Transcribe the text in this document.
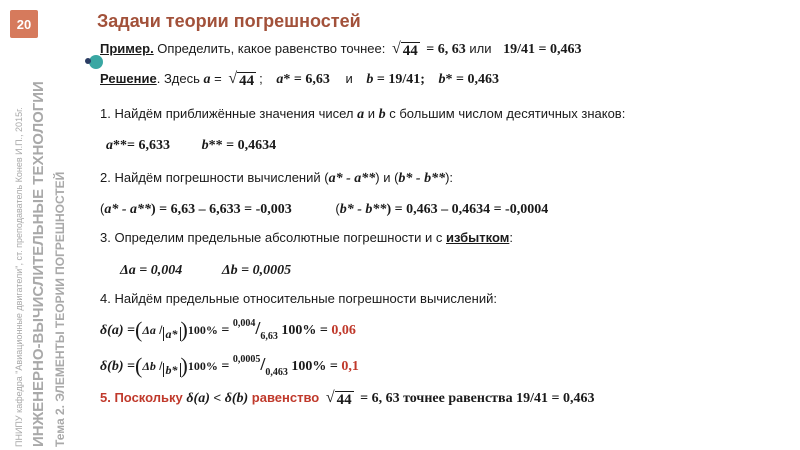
ПНИПУ кафедра "Авиационные двигатели", ст. преподаватель Конев И.П., 2015г. ИНЖЕНЕРНО-ВЫЧИСЛИТЕЛЬНЫЕ ТЕХНОЛОГИИ Тема 2. ЭЛЕМЕНТЫ ТЕОРИИ ПОГРЕШНОСТЕЙ
20	Задачи теории погрешностей
Пример. Определить, какое равенство точнее: √ 44 = 6, 63 или 19/41 = 0,463
Решение. Здесь a = √ 44 ; a* = 6,63 и b = 19/41; b* = 0,463
1. Найдём приближённые значения чисел a и b с большим числом десятичных знаков:
a**= 6,633 b** = 0,4634
2. Найдём погрешности вычислений (a* - a**) и (b* - b**):
(a* - a**) = 6,63 – 6,633 = -0,003	(b* - b**) = 0,463 – 0,4634 = -0,0004
3. Определим предельные абсолютные погрешности и с избытком:
Δa = 0,004	Δb = 0,0005
4. Найдём предельные относительные погрешности вычислений:
δ(a) =(Δa / a* )$100\% = ^{0,004}/_{6,63}$ 100% = 0,06
δ(b) =(Δb / b* )$100\% = ^{0,0005}/_{0,463}$ 100% = 0,1
5. Поскольку δ(a) < δ(b) равенство √ 44 = 6, 63 точнее равенства 19/41 = 0,463
